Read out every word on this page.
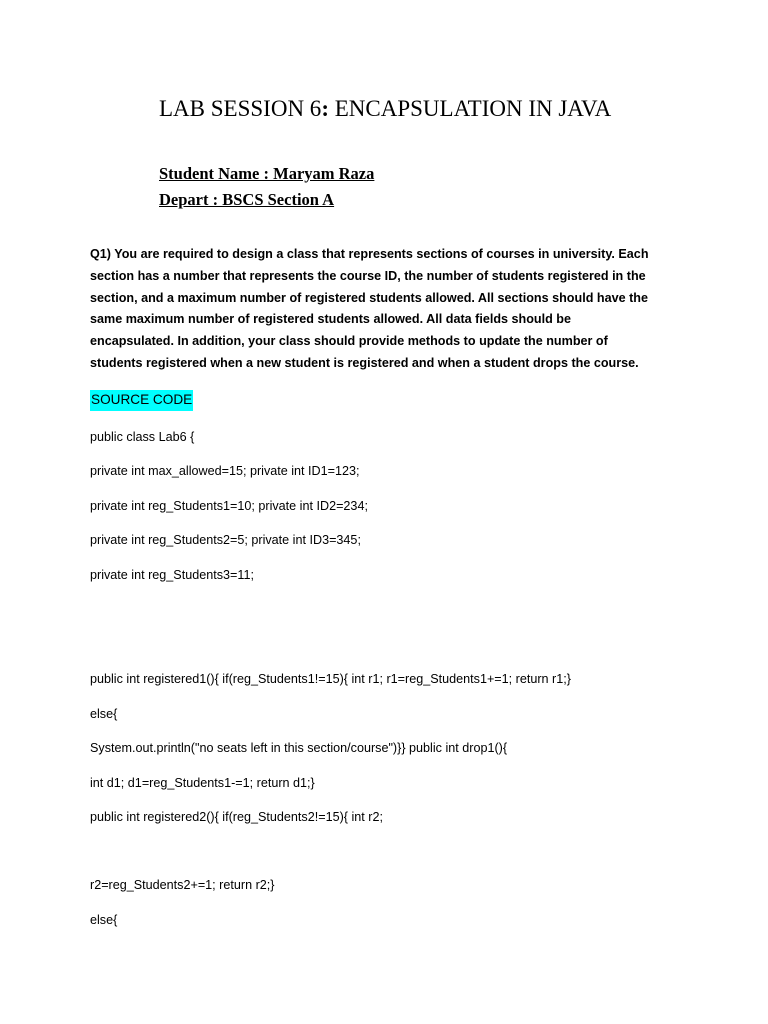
LAB SESSION 6: ENCAPSULATION IN JAVA
Student Name : Maryam Raza
Depart : BSCS Section A
Q1) You are required to design a class that represents sections of courses in university. Each
section has a number that represents the course ID, the number of students registered in the
section, and a maximum number of registered students allowed. All sections should have the
same maximum number of registered students allowed. All data fields should be
encapsulated. In addition, your class should provide methods to update the number of
students registered when a new student is registered and when a student drops the course.
SOURCE CODE
public class Lab6 {
private int max_allowed=15; private int ID1=123;
private int reg_Students1=10; private int ID2=234;
private int reg_Students2=5; private int ID3=345;
private int reg_Students3=11;
public int registered1(){ if(reg_Students1!=15){ int r1; r1=reg_Students1+=1; return r1;}
else{
System.out.println("no seats left in this section/course")}} public int drop1(){
int d1; d1=reg_Students1-=1; return d1;}
public int registered2(){ if(reg_Students2!=15){ int r2;
r2=reg_Students2+=1; return r2;}
else{
